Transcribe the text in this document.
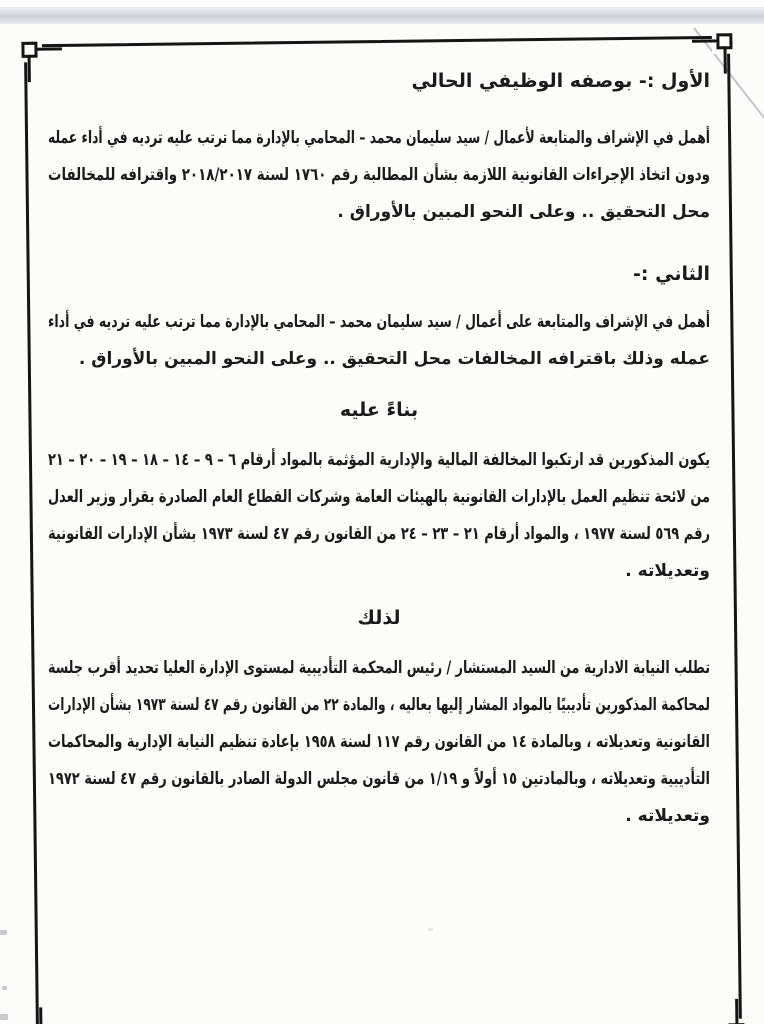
الأول :- بوصفه الوظيفي الحالي
أهمل في الإشراف والمتابعة لأعمال / سيد سليمان محمد – المحامي بالإدارة مما ترتب عليه ترديه في أداء عمله
ودون اتخاذ الإجراءات القانونية اللازمة بشأن المطالبة رقم ١٧٦٠ لسنة ٢٠١٨/٢٠١٧ واقترافه للمخالفات
محل التحقيق .. وعلى النحو المبين بالأوراق .
الثاني :-
أهمل في الإشراف والمتابعة على أعمال / سيد سليمان محمد – المحامي بالإدارة مما ترتب عليه ترديه في أداء
عمله وذلك باقترافه المخالفات محل التحقيق .. وعلى النحو المبين بالأوراق .
بناءً عليه
يكون المذكورين قد ارتكبوا المخالفة المالية والإدارية المؤثمة بالمواد أرقام ٦ – ٩ – ١٤ – ١٨ – ١٩ – ٢٠ – ٢١
من لائحة تنظيم العمل بالإدارات القانونية بالهيئات العامة وشركات القطاع العام الصادرة بقرار وزير العدل
رقم ٥٦٩ لسنة ١٩٧٧ ، والمواد أرقام ٢١ – ٢٣ – ٢٤ من القانون رقم ٤٧ لسنة ١٩٧٣ بشأن الإدارات القانونية
وتعديلاته .
لذلك
تطلب النيابة الادارية من السيد المستشار / رئيس المحكمة التأديبية لمستوى الإدارة العليا تحديد أقرب جلسة
لمحاكمة المذكورين تأديبيًا بالمواد المشار إليها بعاليه ، والمادة ٢٢ من القانون رقم ٤٧ لسنة ١٩٧٣ بشأن الإدارات
القانونية وتعديلاته ، وبالمادة ١٤ من القانون رقم ١١٧ لسنة ١٩٥٨ بإعادة تنظيم النيابة الإدارية والمحاكمات
التأديبية وتعديلاته ، وبالمادتين ١٥ أولاً و ١/١٩ من قانون مجلس الدولة الصادر بالقانون رقم ٤٧ لسنة ١٩٧٢
وتعديلاته .
